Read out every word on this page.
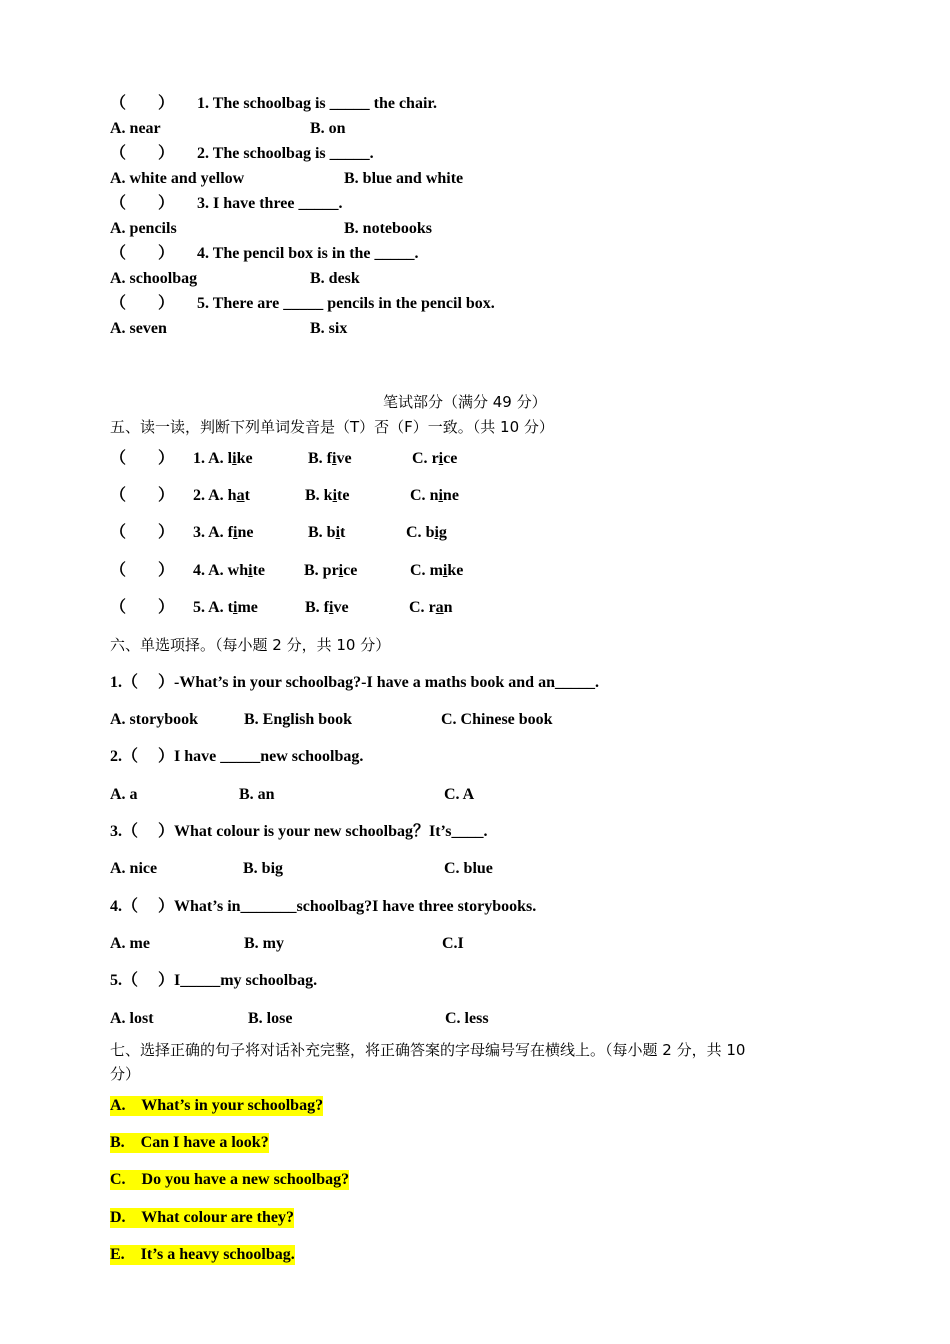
（        ） 1. The schoolbag is _____ the chair.
A. near	B. on
（        ） 2. The schoolbag is _____.
A. white and yellow	B. blue and white
（        ） 3. I have three _____.
A. pencils	B. notebooks
（        ） 4. The pencil box is in the _____.
A. schoolbag	B. desk
（        ） 5. There are _____ pencils in the pencil box.
A. seven	B. six
笔试部分（满分 49 分）
五、读一读，判断下列单词发音是（T）否（F）一致。（共 10 分）
（        ） 1. A. like	B. five	C. rice
（        ） 2. A. hat	B. kite	C. nine
（        ） 3. A. fine	B. bit	C. big
（        ） 4. A. white B. price	C. mike
（        ） 5. A. time	B. five	C. ran
六、单选项择。（每小题 2 分，共 10 分）
1.（     ）-What’s in your schoolbag?-I have a maths book and an_____.
A. storybook	B. English book	C. Chinese book
2.（     ）I have _____new schoolbag.
A. a	B. an	C. A
3.（     ）What colour is your new schoolbag？It’s____.
A. nice	B. big	C. blue
4.（     ）What’s in_______schoolbag?I have three storybooks.
A. me	B. my	C.I
5.（     ）I_____my schoolbag.
A. lost	B. lose	C. less
七、选择正确的句子将对话补充完整，将正确答案的字母编号写在横线上。（每小题 2 分，共 10
分）
A.    What’s in your schoolbag?
B.    Can I have a look?
C.    Do you have a new schoolbag?
D.    What colour are they?
E.    It’s a heavy schoolbag.
